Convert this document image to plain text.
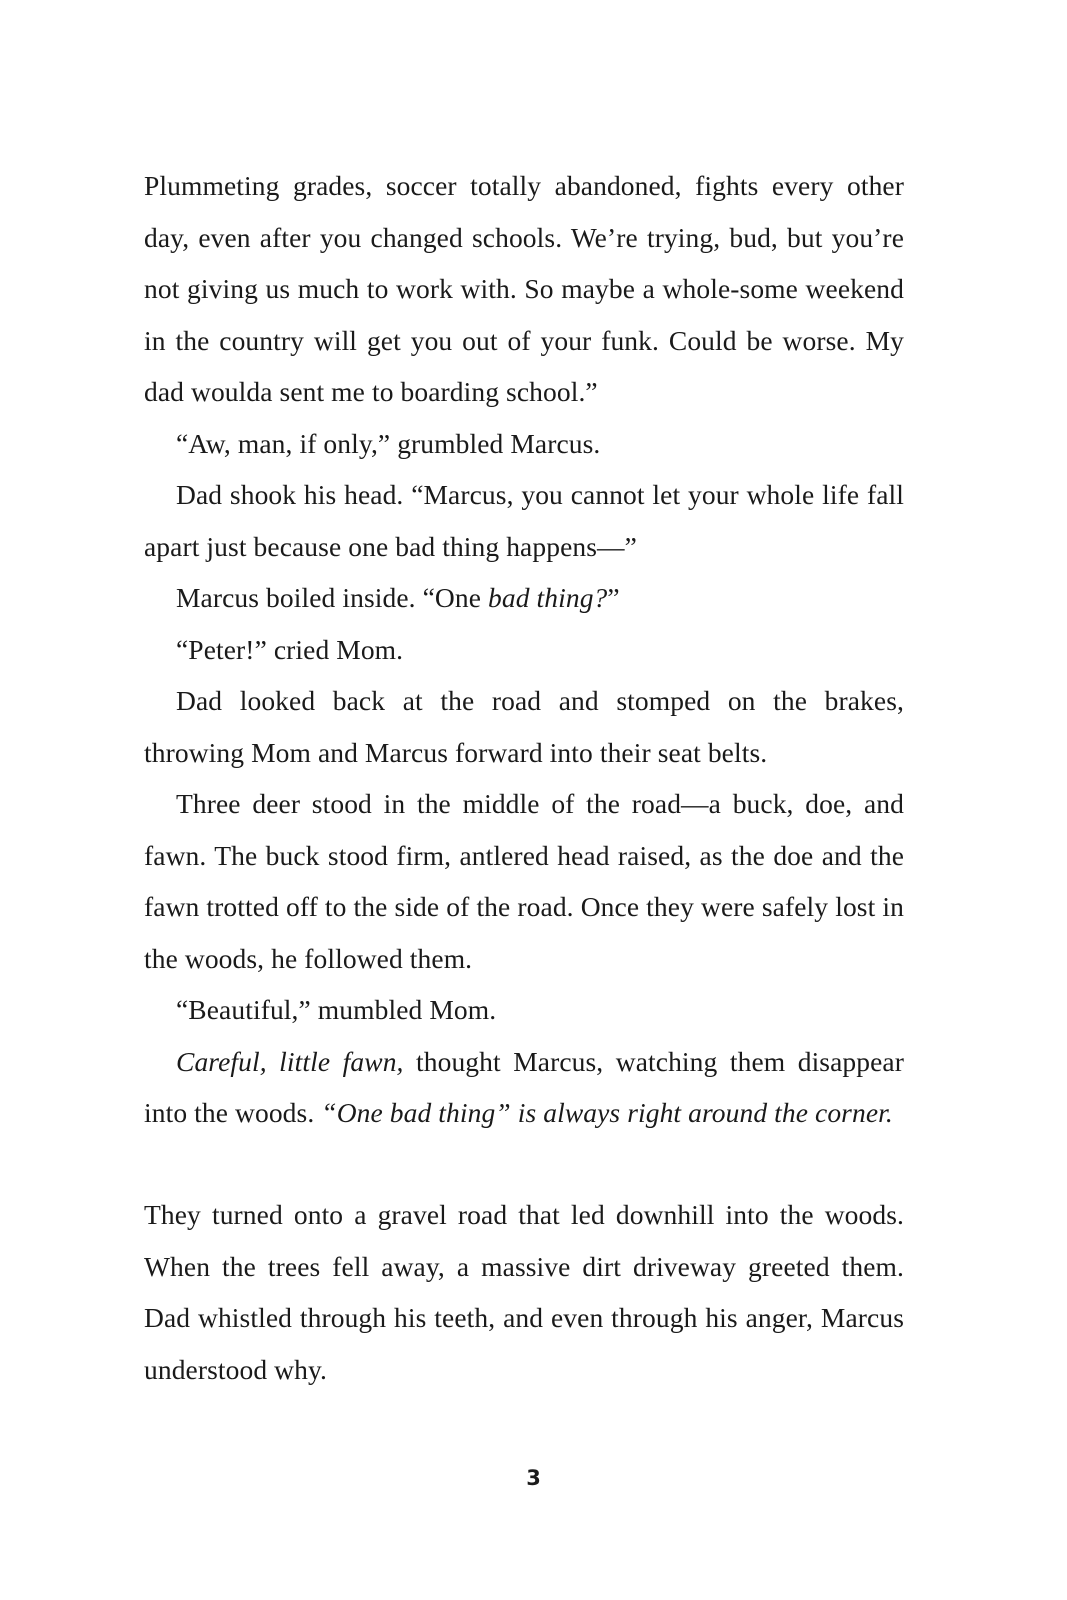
Plummeting grades, soccer totally abandoned, fights every other day, even after you changed schools. We’re trying, bud, but you’re not giving us much to work with. So maybe a whole-some weekend in the country will get you out of your funk. Could be worse. My dad woulda sent me to boarding school.”

“Aw, man, if only,” grumbled Marcus.

Dad shook his head. “Marcus, you cannot let your whole life fall apart just because one bad thing happens—”

Marcus boiled inside. “One bad thing?”

“Peter!” cried Mom.

Dad looked back at the road and stomped on the brakes, throwing Mom and Marcus forward into their seat belts.

Three deer stood in the middle of the road—a buck, doe, and fawn. The buck stood firm, antlered head raised, as the doe and the fawn trotted off to the side of the road. Once they were safely lost in the woods, he followed them.

“Beautiful,” mumbled Mom.

Careful, little fawn, thought Marcus, watching them disappear into the woods. “One bad thing” is always right around the corner.

They turned onto a gravel road that led downhill into the woods. When the trees fell away, a massive dirt driveway greeted them. Dad whistled through his teeth, and even through his anger, Marcus understood why.

3
